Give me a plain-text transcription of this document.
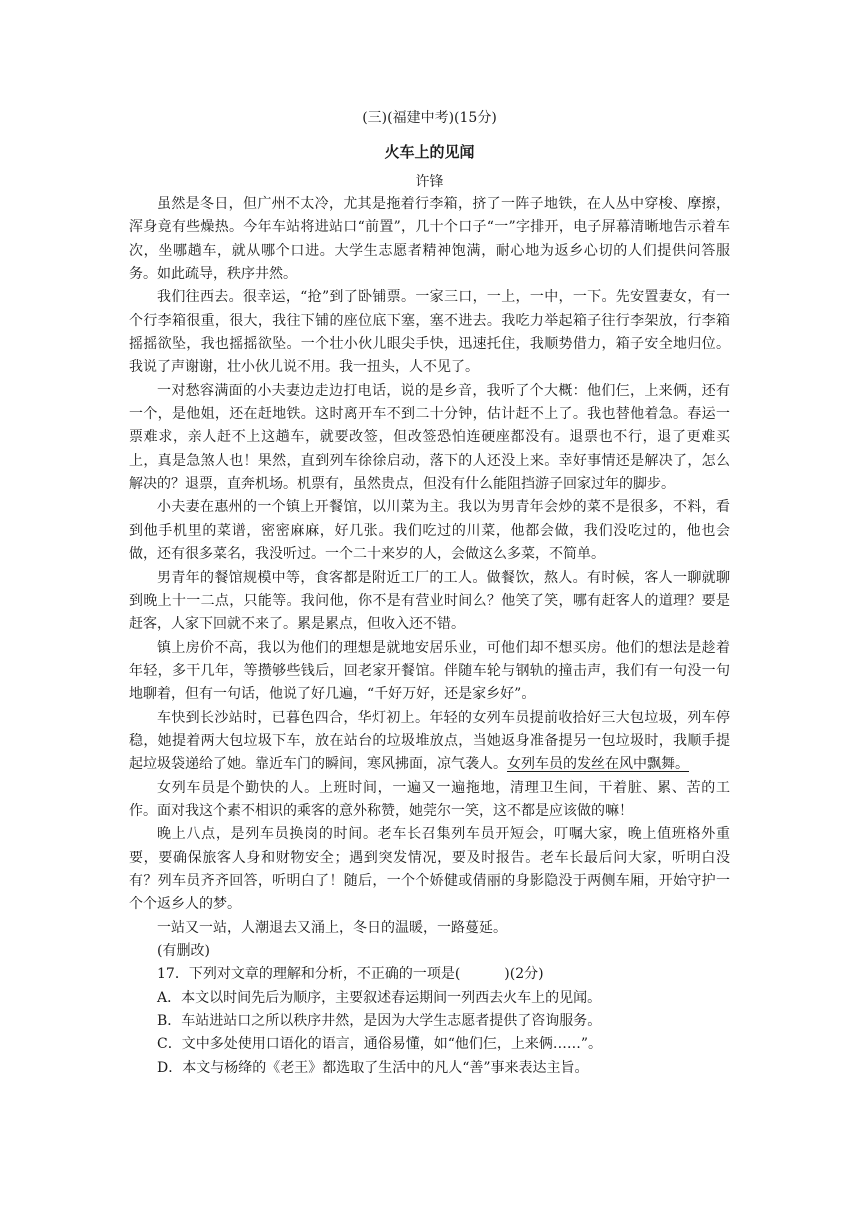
(三)(福建中考)(15分)
火车上的见闻
许锋

虽然是冬日，但广州不太冷，尤其是拖着行李箱，挤了一阵子地铁，在人丛中穿梭、摩擦，浑身竟有些燥热。今年车站将进站口“前置”，几十个口子“一”字排开，电子屏幕清晰地告示着车次，坐哪趟车，就从哪个口进。大学生志愿者精神饱满，耐心地为返乡心切的人们提供问答服务。如此疏导，秩序井然。

我们往西去。很幸运，“抢”到了卧铺票。一家三口，一上，一中，一下。先安置妻女，有一个行李箱很重，很大，我往下铺的座位底下塞，塞不进去。我吃力举起箱子往行李架放，行李箱摇摇欲坠，我也摇摇欲坠。一个壮小伙儿眼尖手快，迅速托住，我顺势借力，箱子安全地归位。我说了声谢谢，壮小伙儿说不用。我一扭头，人不见了。

一对愁容满面的小夫妻边走边打电话，说的是乡音，我听了个大概：他们仨，上来俩，还有一个，是他姐，还在赶地铁。这时离开车不到二十分钟，估计赶不上了。我也替他着急。春运一票难求，亲人赶不上这趟车，就要改签，但改签恐怕连硬座都没有。退票也不行，退了更难买上，真是急煞人也！果然，直到列车徐徐启动，落下的人还没上来。幸好事情还是解决了，怎么解决的？退票，直奔机场。机票有，虽然贵点，但没有什么能阻挡游子回家过年的脚步。

小夫妻在惠州的一个镇上开餐馆，以川菜为主。我以为男青年会炒的菜不是很多，不料，看到他手机里的菜谱，密密麻麻，好几张。我们吃过的川菜，他都会做，我们没吃过的，他也会做，还有很多菜名，我没听过。一个二十来岁的人，会做这么多菜，不简单。

男青年的餐馆规模中等，食客都是附近工厂的工人。做餐饮，熬人。有时候，客人一聊就聊到晚上十一二点，只能等。我问他，你不是有营业时间么？他笑了笑，哪有赶客人的道理？要是赶客，人家下回就不来了。累是累点，但收入还不错。

镇上房价不高，我以为他们的理想是就地安居乐业，可他们却不想买房。他们的想法是趁着年轻，多干几年，等攒够些钱后，回老家开餐馆。伴随车轮与钢轨的撞击声，我们有一句没一句地聊着，但有一句话，他说了好几遍，“千好万好，还是家乡好”。

车快到长沙站时，已暮色四合，华灯初上。年轻的女列车员提前收拾好三大包垃圾，列车停稳，她提着两大包垃圾下车，放在站台的垃圾堆放点，当她返身准备提另一包垃圾时，我顺手提起垃圾袋递给了她。靠近车门的瞬间，寒风拂面，凉气袭人。女列车员的发丝在风中飘舞。

女列车员是个勤快的人。上班时间，一遍又一遍拖地，清理卫生间，干着脏、累、苦的工作。面对我这个素不相识的乘客的意外称赞，她莞尔一笑，这不都是应该做的嘛！

晚上八点，是列车员换岗的时间。老车长召集列车员开短会，叮嘱大家，晚上值班格外重要，要确保旅客人身和财物安全；遇到突发情况，要及时报告。老车长最后问大家，听明白没有？列车员齐齐回答，听明白了！随后，一个个娇健或倩丽的身影隐没于两侧车厢，开始守护一个个返乡人的梦。

一站又一站，人潮退去又涌上，冬日的温暖，一路蔓延。

(有删改)

17．下列对文章的理解和分析，不正确的一项是(	)(2分)

A．本文以时间先后为顺序，主要叙述春运期间一列西去火车上的见闻。

B．车站进站口之所以秩序井然，是因为大学生志愿者提供了咨询服务。

C．文中多处使用口语化的语言，通俗易懂，如“他们仨，上来俩……”。

D．本文与杨绛的《老王》都选取了生活中的凡人“善”事来表达主旨。
